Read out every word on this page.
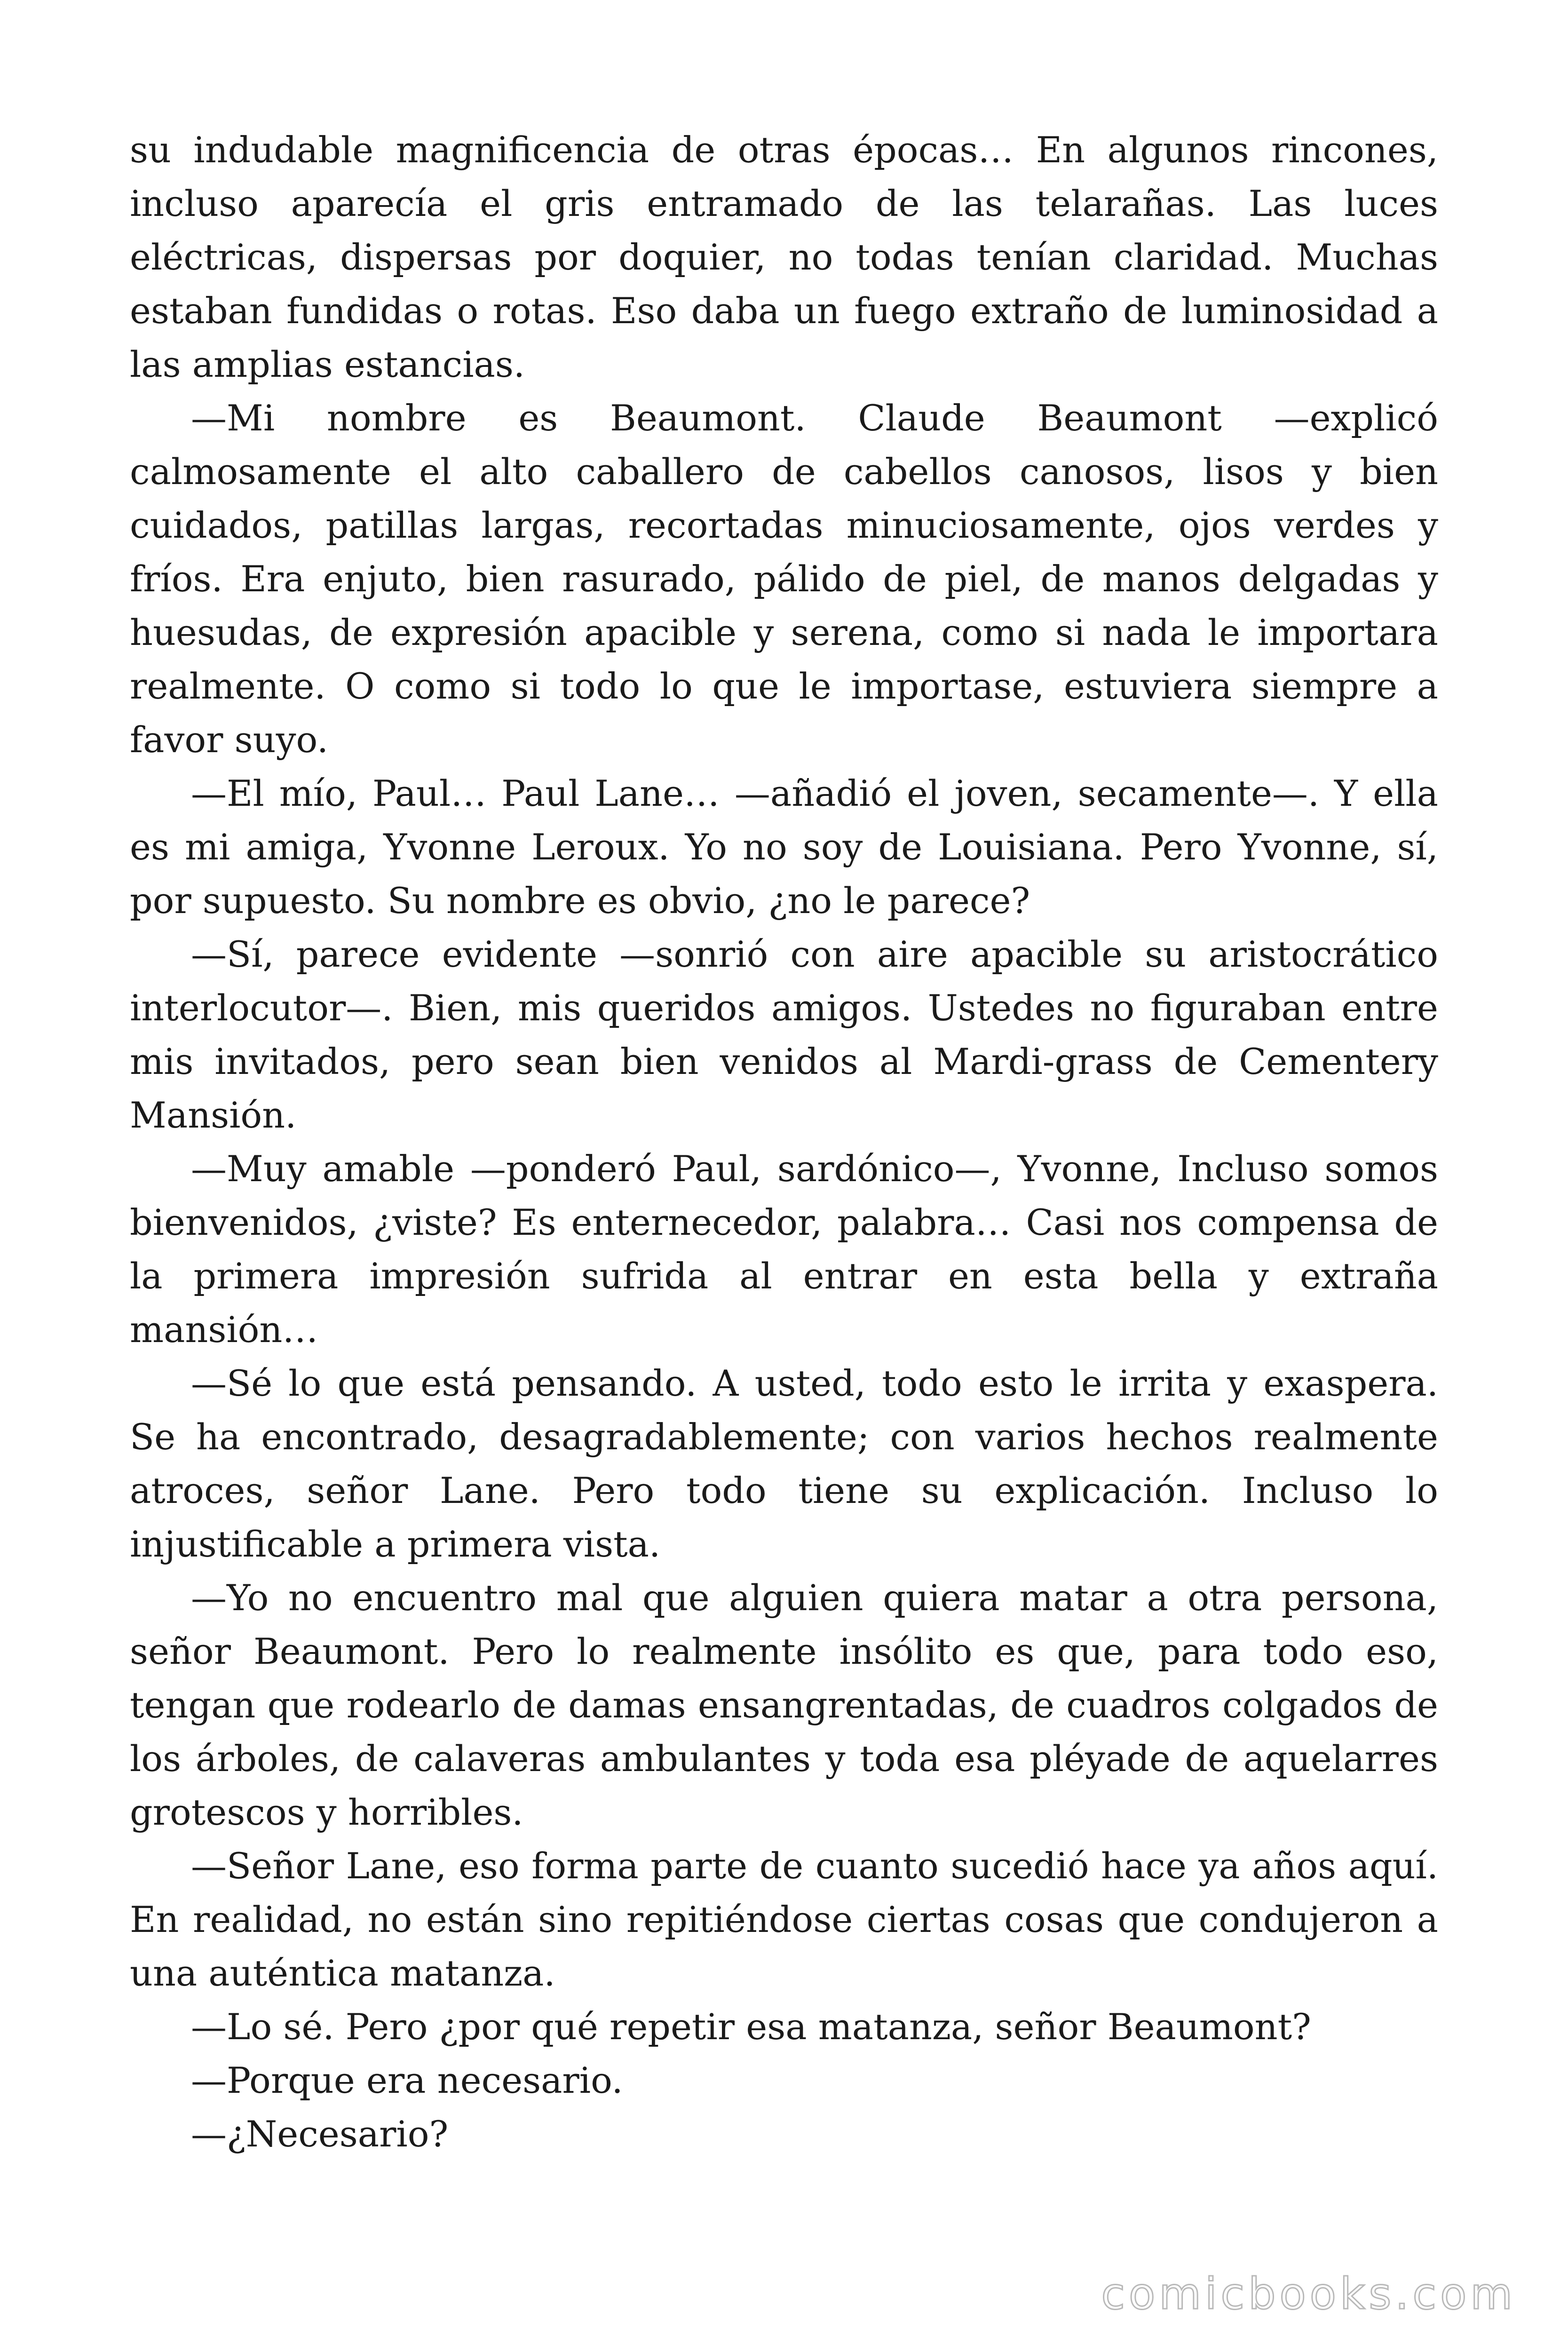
su indudable magnificencia de otras épocas… En algunos rincones, incluso aparecía el gris entramado de las telarañas. Las luces eléctricas, dispersas por doquier, no todas tenían claridad. Muchas estaban fundidas o rotas. Eso daba un fuego extraño de luminosidad a las amplias estancias.

—Mi nombre es Beaumont. Claude Beaumont —explicó calmosamente el alto caballero de cabellos canosos, lisos y bien cuidados, patillas largas, recortadas minuciosamente, ojos verdes y fríos. Era enjuto, bien rasurado, pálido de piel, de manos delgadas y huesudas, de expresión apacible y serena, como si nada le importara realmente. O como si todo lo que le importase, estuviera siempre a favor suyo.

—El mío, Paul… Paul Lane… —añadió el joven, secamente—. Y ella es mi amiga, Yvonne Leroux. Yo no soy de Louisiana. Pero Yvonne, sí, por supuesto. Su nombre es obvio, ¿no le parece?

—Sí, parece evidente —sonrió con aire apacible su aristocrático interlocutor—. Bien, mis queridos amigos. Ustedes no figuraban entre mis invitados, pero sean bien venidos al Mardi-grass de Cementery Mansión.

—Muy amable —ponderó Paul, sardónico—, Yvonne, Incluso somos bienvenidos, ¿viste? Es enternecedor, palabra… Casi nos compensa de la primera impresión sufrida al entrar en esta bella y extraña mansión…

—Sé lo que está pensando. A usted, todo esto le irrita y exaspera. Se ha encontrado, desagradablemente; con varios hechos realmente atroces, señor Lane. Pero todo tiene su explicación. Incluso lo injustificable a primera vista.

—Yo no encuentro mal que alguien quiera matar a otra persona, señor Beaumont. Pero lo realmente insólito es que, para todo eso, tengan que rodearlo de damas ensangrentadas, de cuadros colgados de los árboles, de calaveras ambulantes y toda esa pléyade de aquelarres grotescos y horribles.

—Señor Lane, eso forma parte de cuanto sucedió hace ya años aquí. En realidad, no están sino repitiéndose ciertas cosas que condujeron a una auténtica matanza.

—Lo sé. Pero ¿por qué repetir esa matanza, señor Beaumont?

—Porque era necesario.

—¿Necesario?

comicbooks.com
